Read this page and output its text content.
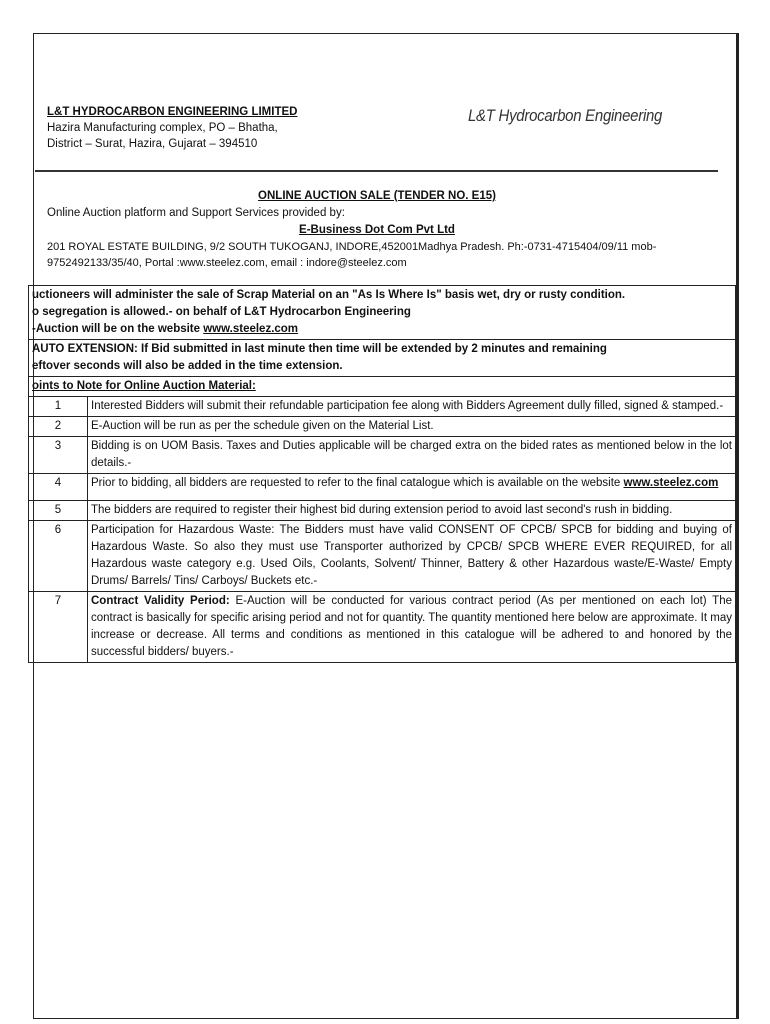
L&T HYDROCARBON ENGINEERING LIMITED
Hazira Manufacturing complex, PO – Bhatha,
District – Surat, Hazira, Gujarat – 394510
L&T Hydrocarbon Engineering
ONLINE AUCTION SALE (TENDER NO. E15)
Online Auction platform and Support Services provided by:
E-Business Dot Com Pvt Ltd
201 ROYAL ESTATE BUILDING, 9/2 SOUTH TUKOGANJ, INDORE,452001Madhya Pradesh. Ph:-0731-4715404/09/11 mob-
9752492133/35/40, Portal :www.steelez.com, email : indore@steelez.com
uctioneers will administer the sale of Scrap Material on an "As Is Where Is" basis wet, dry or rusty condition.
o segregation is allowed.- on behalf of L&T Hydrocarbon Engineering
-Auction will be on the website www.steelez.com	

AUTO EXTENSION: If Bid submitted in last minute then time will be extended by 2 minutes and remaining
eftover seconds will also be added in the time extension.	

oints to Note for Online Auction Material:	
1	Interested Bidders will submit their refundable participation fee along with Bidders Agreement dully filled, signed & stamped.-
2	E-Auction will be run as per the schedule given on the Material List.
3	Bidding is on UOM Basis. Taxes and Duties applicable will be charged extra on the bided rates as mentioned below in the lot details.-
4	Prior to bidding, all bidders are requested to refer to the final catalogue which is available on the website www.steelez.com
5	The bidders are required to register their highest bid during extension period to avoid last second's rush in bidding.
6	Participation for Hazardous Waste: The Bidders must have valid CONSENT OF CPCB/ SPCB for bidding and buying of Hazardous Waste. So also they must use Transporter authorized by CPCB/ SPCB WHERE EVER REQUIRED, for all Hazardous waste category e.g. Used Oils, Coolants, Solvent/ Thinner, Battery & other Hazardous waste/E-Waste/ Empty Drums/ Barrels/ Tins/ Carboys/ Buckets etc.-
7	Contract Validity Period: E-Auction will be conducted for various contract period (As per mentioned on each lot) The contract is basically for specific arising period and not for quantity. The quantity mentioned here below are approximate. It may increase or decrease. All terms and conditions as mentioned in this catalogue will be adhered to and honored by the successful bidders/ buyers.-
